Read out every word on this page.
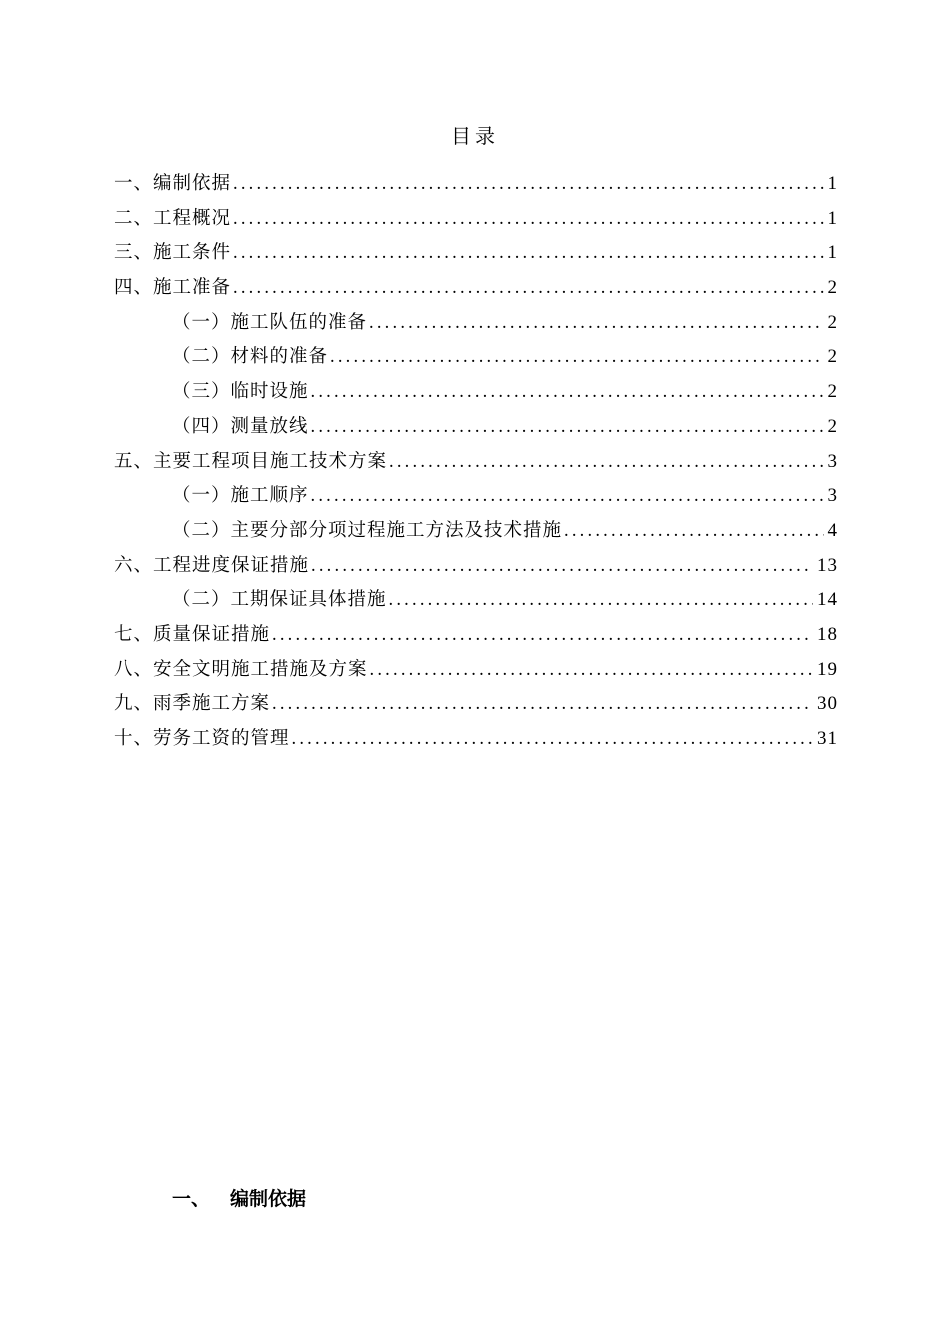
目录
一、编制依据 .....	1
二、工程概况 .....	1
三、施工条件 .....	1
四、施工准备 .....	2
（一）施工队伍的准备 .....	2
（二）材料的准备 .....	2
（三）临时设施 .....	2
（四）测量放线 .....	2
五、主要工程项目施工技术方案 .....	3
（一）施工顺序 .....	3
（二）主要分部分项过程施工方法及技术措施 .....	4
六、工程进度保证措施 .....	13
（二）工期保证具体措施 .....	14
七、质量保证措施 .....	18
八、安全文明施工措施及方案 .....	19
九、雨季施工方案 .....	30
十、劳务工资的管理 .....	31
一、 编制依据
